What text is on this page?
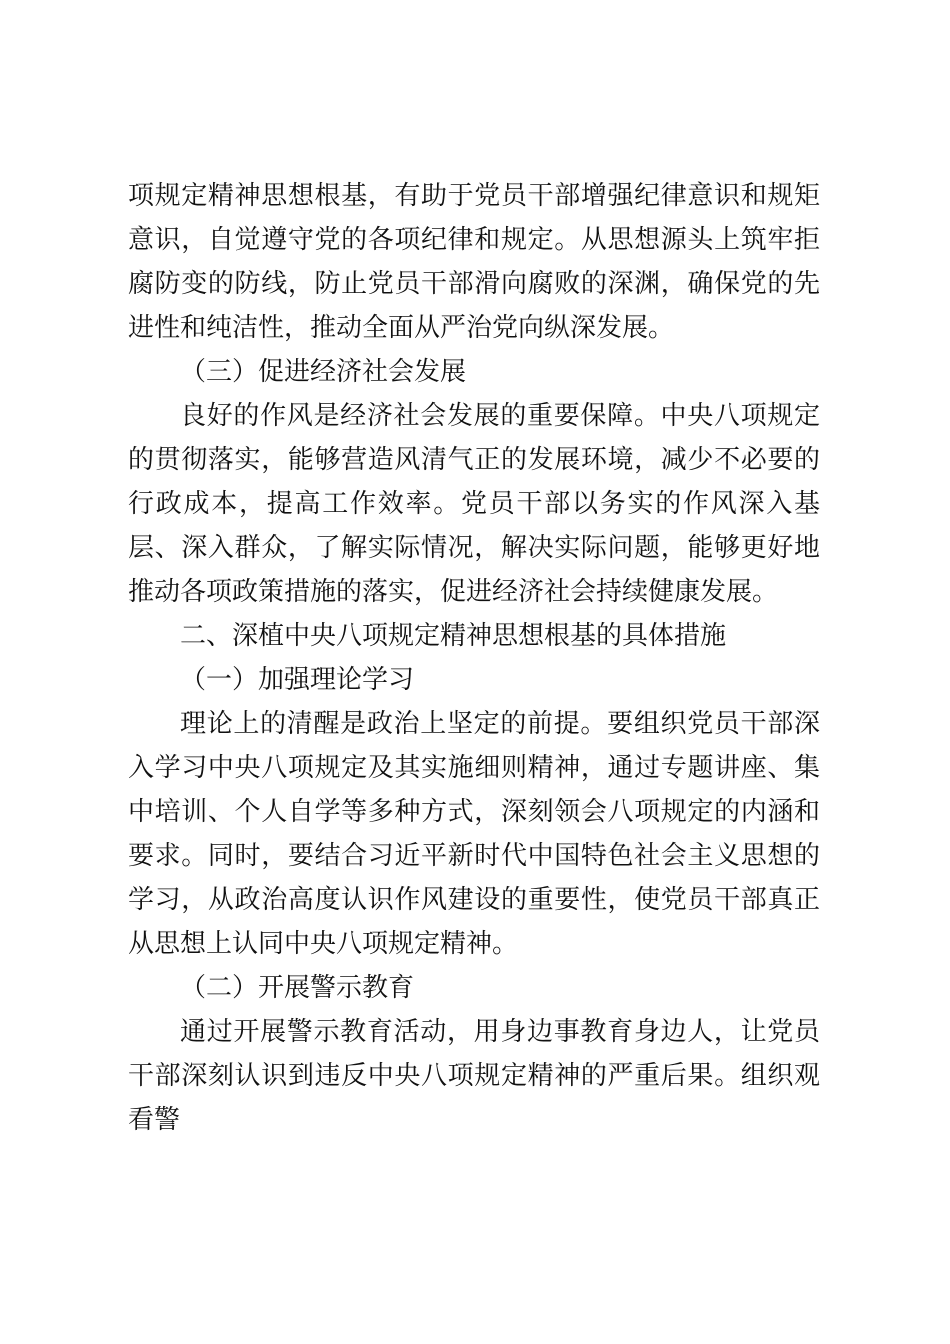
项规定精神思想根基，有助于党员干部增强纪律意识和规矩意识，自觉遵守党的各项纪律和规定。从思想源头上筑牢拒腐防变的防线，防止党员干部滑向腐败的深渊，确保党的先进性和纯洁性，推动全面从严治党向纵深发展。

（三）促进经济社会发展

良好的作风是经济社会发展的重要保障。中央八项规定的贯彻落实，能够营造风清气正的发展环境，减少不必要的行政成本，提高工作效率。党员干部以务实的作风深入基层、深入群众，了解实际情况，解决实际问题，能够更好地推动各项政策措施的落实，促进经济社会持续健康发展。

二、深植中央八项规定精神思想根基的具体措施

（一）加强理论学习

理论上的清醒是政治上坚定的前提。要组织党员干部深入学习中央八项规定及其实施细则精神，通过专题讲座、集中培训、个人自学等多种方式，深刻领会八项规定的内涵和要求。同时，要结合习近平新时代中国特色社会主义思想的学习，从政治高度认识作风建设的重要性，使党员干部真正从思想上认同中央八项规定精神。

（二）开展警示教育

通过开展警示教育活动，用身边事教育身边人，让党员干部深刻认识到违反中央八项规定精神的严重后果。组织观看警
